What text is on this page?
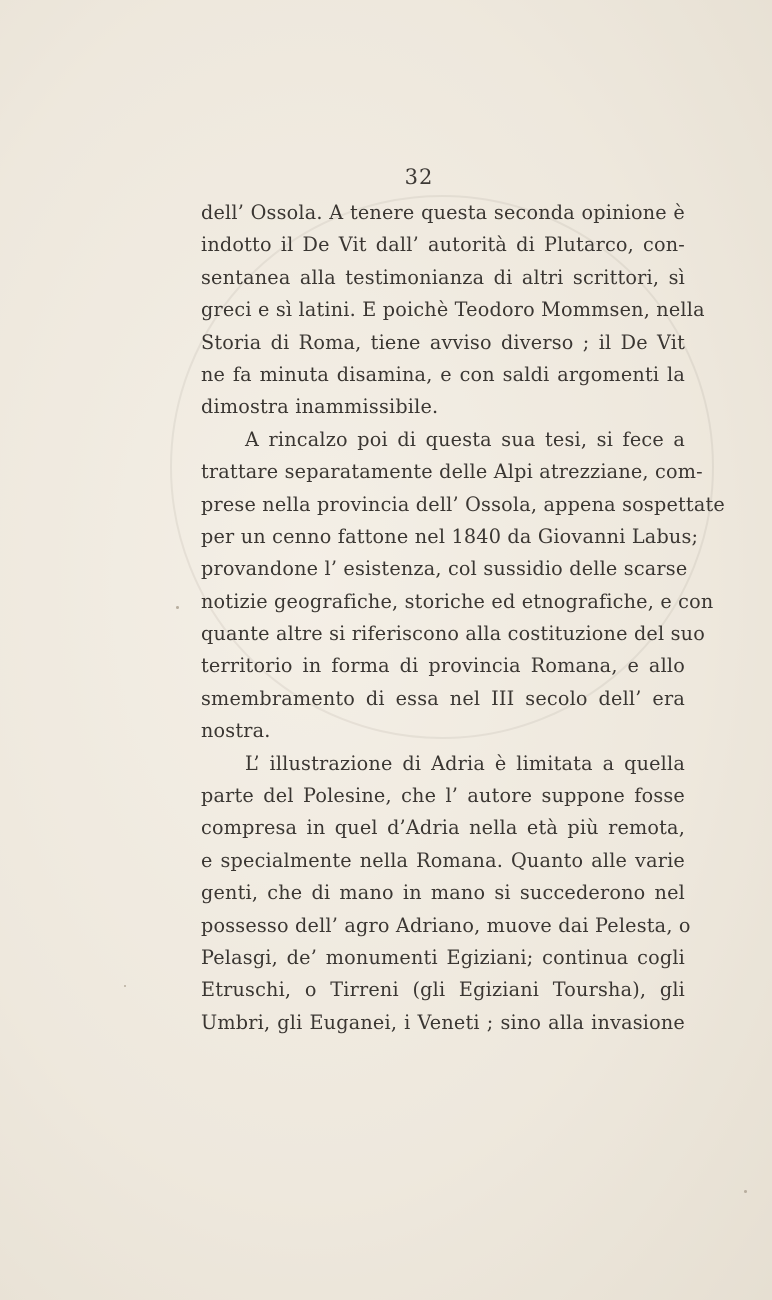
32
dell’ Ossola. A tenere questa seconda opinione è
indotto il De Vit dall’ autorità di Plutarco, con-
sentanea alla testimonianza di altri scrittori, sì
greci e sì latini. E poichè Teodoro Mommsen, nella
Storia di Roma, tiene avviso diverso ; il De Vit
ne fa minuta disamina, e con saldi argomenti la
dimostra inammissibile.
A rincalzo poi di questa sua tesi, si fece a
trattare separatamente delle Alpi atrezziane, com-
prese nella provincia dell’ Ossola, appena sospettate
per un cenno fattone nel 1840 da Giovanni Labus;
provandone l’ esistenza, col sussidio delle scarse
notizie geografiche, storiche ed etnografiche, e con
quante altre si riferiscono alla costituzione del suo
territorio in forma di provincia Romana, e allo
smembramento di essa nel III secolo dell’ era
nostra.
L’ illustrazione di Adria è limitata a quella
parte del Polesine, che l’ autore suppone fosse
compresa in quel d’Adria nella età più remota,
e specialmente nella Romana. Quanto alle varie
genti, che di mano in mano si succederono nel
possesso dell’ agro Adriano, muove dai Pelesta, o
Pelasgi, de’ monumenti Egiziani; continua cogli
Etruschi, o Tirreni (gli Egiziani Toursha), gli
Umbri, gli Euganei, i Veneti ; sino alla invasione
